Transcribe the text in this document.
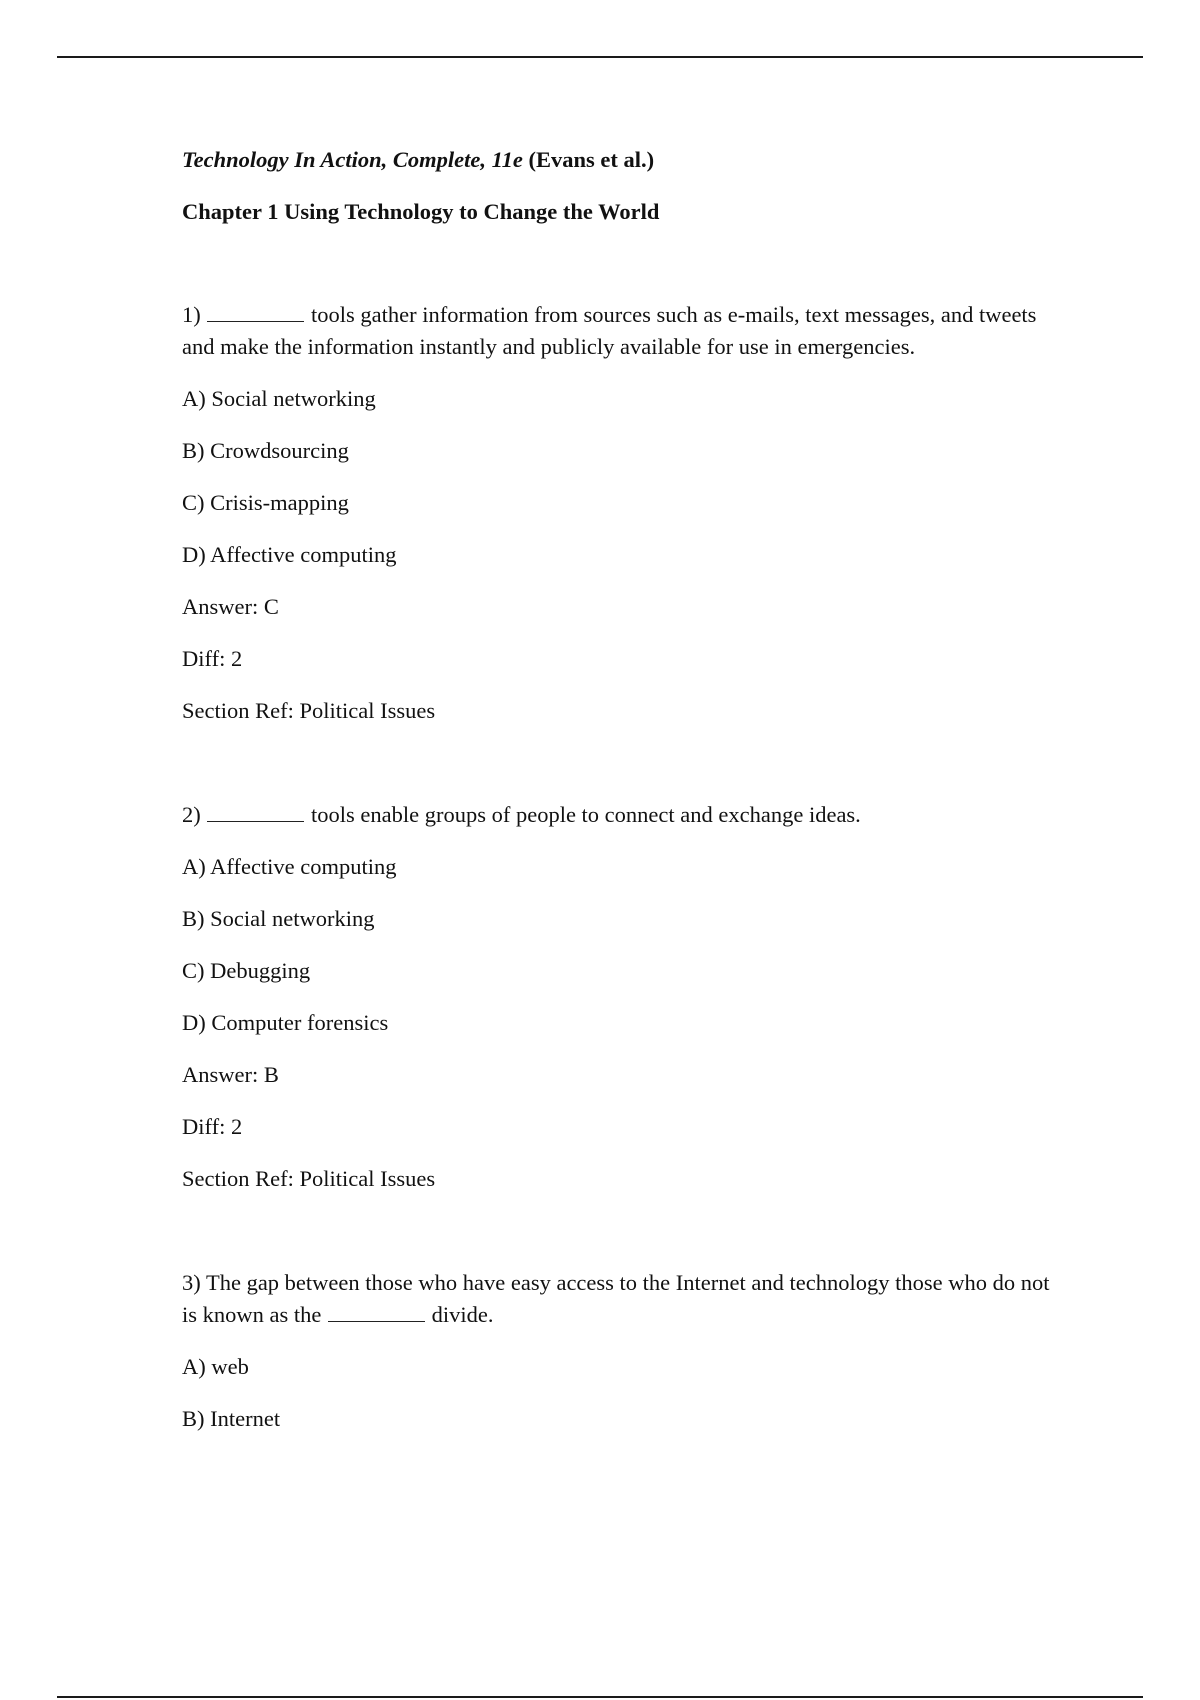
Technology In Action, Complete, 11e (Evans et al.)

Chapter 1 Using Technology to Change the World

1)	tools gather information from sources such as e-mails, text messages, and tweets and make the information instantly and publicly available for use in emergencies.

A) Social networking

B) Crowdsourcing

C) Crisis-mapping

D) Affective computing

Answer: C

Diff: 2

Section Ref: Political Issues

2)	tools enable groups of people to connect and exchange ideas.

A) Affective computing

B) Social networking

C) Debugging

D) Computer forensics

Answer: B

Diff: 2

Section Ref: Political Issues

3) The gap between those who have easy access to the Internet and technology those who do not is known as the	divide.

A) web

B) Internet
